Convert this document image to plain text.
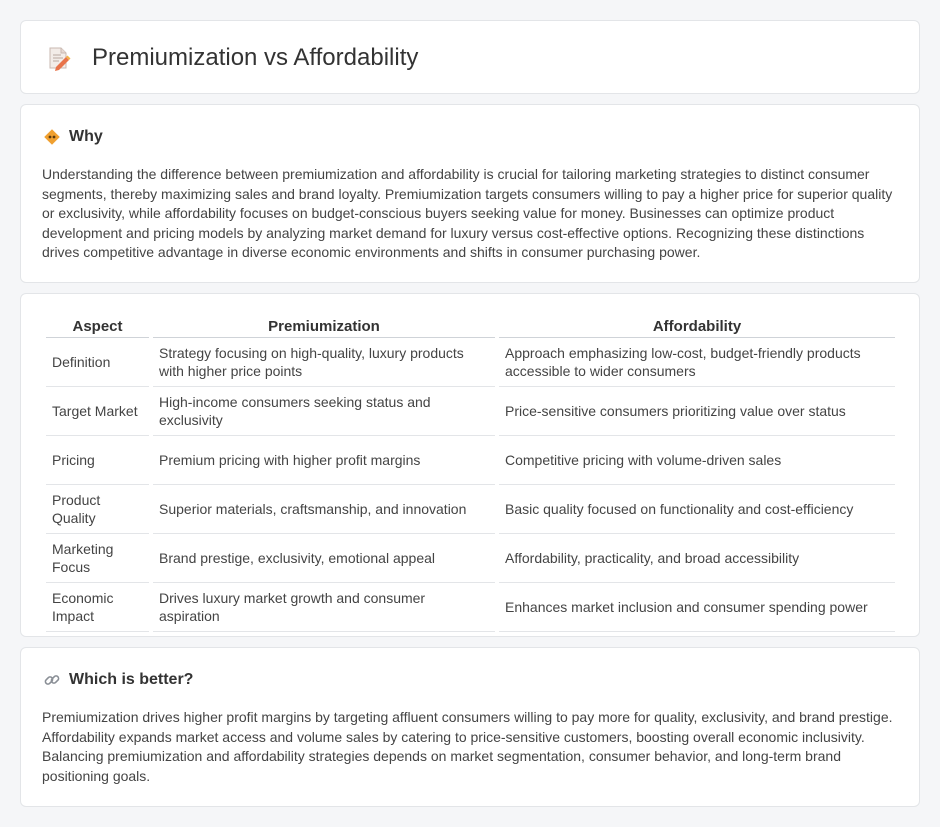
Premiumization vs Affordability
Why

Understanding the difference between premiumization and affordability is crucial for tailoring marketing strategies to distinct consumer segments, thereby maximizing sales and brand loyalty. Premiumization targets consumers willing to pay a higher price for superior quality or exclusivity, while affordability focuses on budget-conscious buyers seeking value for money. Businesses can optimize product development and pricing models by analyzing market demand for luxury versus cost-effective options. Recognizing these distinctions drives competitive advantage in diverse economic environments and shifts in consumer purchasing power.

Aspect	Premiumization	Affordability
Definition	Strategy focusing on high-quality, luxury products with higher price points	Approach emphasizing low-cost, budget-friendly products accessible to wider consumers
Target Market	High-income consumers seeking status and exclusivity	Price-sensitive consumers prioritizing value over status
Pricing	Premium pricing with higher profit margins	Competitive pricing with volume-driven sales
Product Quality	Superior materials, craftsmanship, and innovation	Basic quality focused on functionality and cost-efficiency
Marketing Focus	Brand prestige, exclusivity, emotional appeal	Affordability, practicality, and broad accessibility
Economic Impact	Drives luxury market growth and consumer aspiration	Enhances market inclusion and consumer spending power
Which is better?

Premiumization drives higher profit margins by targeting affluent consumers willing to pay more for quality, exclusivity, and brand prestige. Affordability expands market access and volume sales by catering to price-sensitive customers, boosting overall economic inclusivity. Balancing premiumization and affordability strategies depends on market segmentation, consumer behavior, and long-term brand positioning goals.
